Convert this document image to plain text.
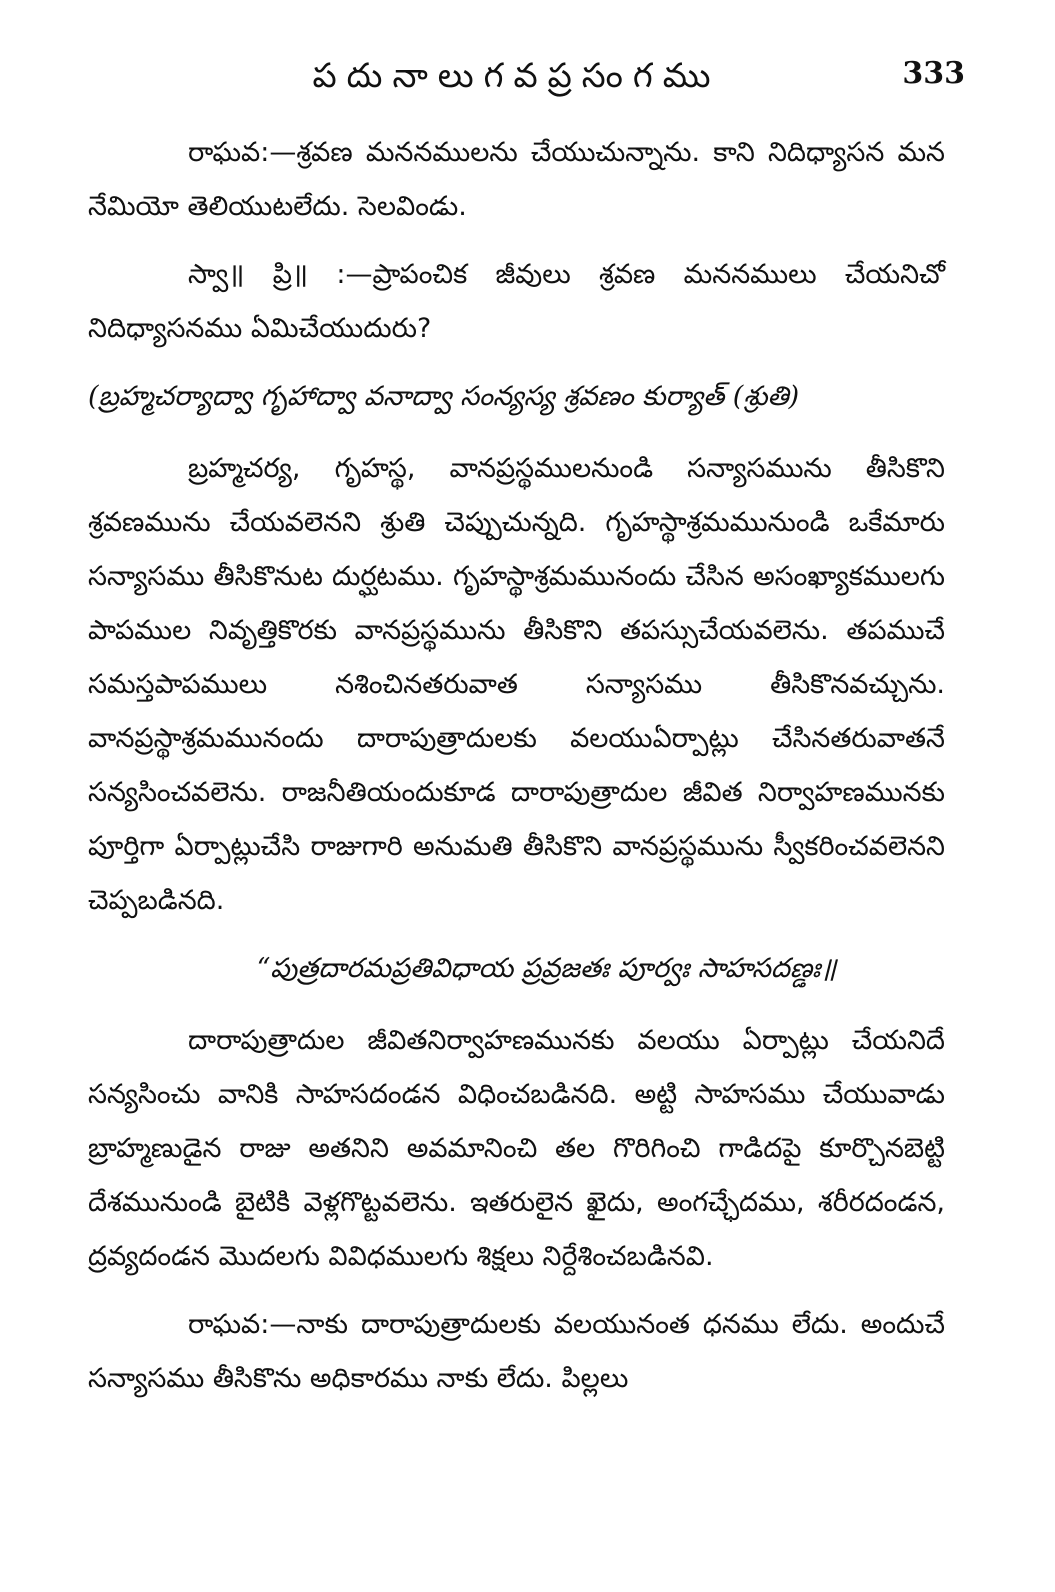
పదునాలుగవప్రసంగము	333

రాఘవ:—శ్రవణ మననములను చేయుచున్నాను. కాని నిదిధ్యాసన మన నేమియో తెలియుటలేదు. సెలవిండు.

స్వా॥ ప్రి॥ :—ప్రాపంచిక జీవులు శ్రవణ మననములు చేయనిచో నిదిధ్యాసనము ఏమిచేయుదురు?

(బ్రహ్మచర్యాద్వా గృహాద్వా వనాద్వా సంన్యస్య శ్రవణం కుర్యాత్ (శ్రుతి)

బ్రహ్మచర్య, గృహస్థ, వానప్రస్థములనుండి సన్యాసమును తీసికొని శ్రవణమును చేయవలెనని శ్రుతి చెప్పుచున్నది. గృహస్థాశ్రమమునుండి ఒకేమారు సన్యాసము తీసికొనుట దుర్ఘటము. గృహస్థాశ్రమమునందు చేసిన అసంఖ్యాకములగు పాపముల నివృత్తికొరకు వానప్రస్థమును తీసికొని తపస్సుచేయవలెను. తపముచే సమస్తపాపములు నశించినతరువాత సన్యాసము తీసికొనవచ్చును. వానప్రస్థాశ్రమమునందు దారాపుత్రాదులకు వలయుఏర్పాట్లు చేసినతరువాతనే సన్యసించవలెను. రాజనీతియందుకూడ దారాపుత్రాదుల జీవిత నిర్వాహణమునకు పూర్తిగా ఏర్పాట్లుచేసి రాజుగారి అనుమతి తీసికొని వానప్రస్థమును స్వీకరించవలెనని చెప్పబడినది.

“పుత్రదారమప్రతివిధాయ ప్రవ్రజతః పూర్వః సాహసదణ్డః॥

దారాపుత్రాదుల జీవితనిర్వాహణమునకు వలయు ఏర్పాట్లు చేయనిదే సన్యసించు వానికి సాహసదండన విధించబడినది. అట్టి సాహసము చేయువాడు బ్రాహ్మణుడైన రాజు అతనిని అవమానించి తల గొరిగించి గాడిదపై కూర్చొనబెట్టి దేశమునుండి బైటికి వెళ్లగొట్టవలెను. ఇతరులైన ఖైదు, అంగచ్ఛేదము, శరీరదండన, ద్రవ్యదండన మొదలగు వివిధములగు శిక్షలు నిర్దేశించబడినవి.

రాఘవ:—నాకు దారాపుత్రాదులకు వలయునంత ధనము లేదు. అందుచే సన్యాసము తీసికొను అధికారము నాకు లేదు. పిల్లలు
